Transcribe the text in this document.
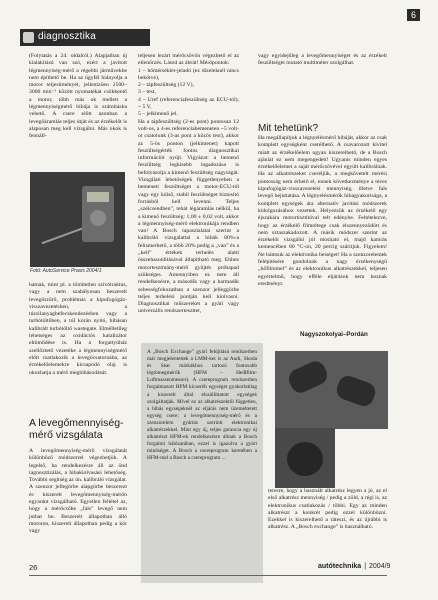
diagnosztika
6

(Folytatás a 24. oldalról.) Alapjaiban új kialakítású van szó, ezért a javított légmennyiség-mérő a régebbi járművekbe nem építhető be. Ha az ügyfél hiányolja a motor teljesítményét, jellemzően 2500–3000 min⁻¹ között nyomatékát csökkentő a motor, több más ok mellett a légmennyiségmérő hibája is számításba vehető. A csere előtt azonban a levegőáramlás teljes útját és az érzékelőt is alaposan meg kell vizsgálni. Más okok is fennáll-

Fotó: AutoService Praxis 2004/1

hatnak, mint pl. a tömítetlen szívótraktus, vagy a nem szabályosan beszerelt levegőszűrő, problémás a kipufogógáz-visszavezetésben, a túzsilanyagbefecskendezésben vagy a turbótöltőben, a túl korán nyitó, hibásan kalibrált turbótöltő wastegate. Elmélletileg lehetséges az oxidációs katalizátor eltömődése is. Ha a forgattyúház szellőztető vezetéke a légmennyiségmérő előtt csatlakozik a levegőcsatornába, az érzékelőelemekre kicsapódó olaj is okozhatja a mérő meghibásodását.

A levegőmennyiség-mérő vizsgálata

A levegőmennyiség-mérő vizsgálatát különböző módszerrel végezhetjük. A legelső, ha rendelkezésre áll az önd iagnosztizálás, a hibakiolvasási lehetőség. További segítség az ún. kalibráló vizsgálat. A szenzor jellegörbe alapgörbe beszerezt és kiszerelt levegőmennyiség-mérőn egyaránt vizsgálható. Egyetlen feltétel az, hogy a mérőcsőbe „fals” levegő nem juthat be. Beszerelt állapotban álló motoron, kiszerelt állapotban pedig a kör vagy

teljesen lezárt mérőcsövön végezhető el az ellenőrzés. Lássd az ábrát! Mérőpontok:

1 – hőmérséklet-jeladó (ez dízeleknél nincs bekötve),

2 – tápfeszültség (12 V),

3 – test,

4 – Uref (referenciafeszültség az ECU-tól), ~ 5 V,

5 – jelkimenő jel.

Ha a tápfeszültség (2-es pont) pontosan 12 volt-os, a 4-es referenciabemeneten ~5 volt-ot csatolunk (3-as pont a közös test), akkor az 5-ös ponton (jelkimenet) kapott feszültségérték fontos diagnosztikai információt nyújt. Vigyázat: a bemenő feszültség legkisebb ingadozása is befolyásolja a kimenő feszültség nagyságát. Vizsgálati lehetőségek függetlenyeben a bemeneti feszültséget a motor-ECU-tól vagy egy külső, stabil feszültséget biztosító forrásból kell levenni. Teljes „szélcsendben”, tehát légáramlás nélkül, ha a kimenő feszültség: 1,00 ± 0,02 volt, akkor a légmennyiség-mérő elektronikája rendben van! A Bosch tapasztalatai szerint a kalibráló vizsgálattal a hibák 80%-a felismerhető, a több 20% pedig a „van” és a „kell” értékek terhelés alatti összehasonlításával állapítható meg. Ehhez motortesztmány-mérő gyűjtés próbapad szükséges. Amennyiben ez nem áll rendelkezésre, a második vagy a harmadik sebességfokozatban a szenzor jelleggörbe teljes terhelési pontján kell kiolvasni. Diagnosztikai műszereket a gyári vagy univerzális rendszertesztter,

vagy egyidejűleg a levegőmennyiséget és az érzékelt feszültséget mutató multiméter szolgálhat.

Mit tehetünk?

Ha megállapítjuk a légnyelésmérő hibáját, akkor az csak komplett egységként cserélhető. A csavarozott kivitel miatt az érzékelőelem ugyan kiszerelhető, de a Bosch ajánlat ez nem megengedett! Ugyanis minden egyes érzékelőelemet a saját mérőcsövével együtt kalibrálnak. Ha az alkatrészeket cseréljük, a megkövetelt mérési pontosság nem érhető el, ennek következménye a téves kipufogógáz-visszavezetési mennyiség, illetve fals levegő bejuttatása. A légnyelésmérők hibagyakorisága, a komplett egységek ára alternatív javítási módszerek kidolgozásához vezettek. Helyezzük az érzékelő egy éjszakára motortisztítóval telt edénybe. Feltételezve, hogy az érzékelő filmrétege csak elszennyeződött és nem sztaszakadozott. A másik módszer szerint az érzékelőt vizsgálni jól mosható el, majd kamrás kemencében 80 °C-on, 20 percig szárítjuk. Figyelem! Ne bántsuk az elektronika beiséget! Ha a szenzorelemek felépítésére gondolunk a nagy érzékenységű „hőfilmmel” és az elektronikus alkatrészekkel, teljesen egyértelmű, hogy efféle eljárások nem hoznak eredményt.

Nagyszokolyai–Pordán

A „Bosch Exchange” gyári felújítású rendszerben már megjelentettek a LMM-ket is az Audi, Skoda és Seat márkákhoz tartozó fontosabb légtömegmérők (HFM – Heißfilm-Luftmassenmesser). A csereprogram rendszerben forgalmazott HFM kicserélt egységet gyakorlatilag a kiszerelt által elszállíttatott egységek szolgáltatják. Mivel ez az alkatrészektől független, a hibás egységeknél az eljárás nem üzemeltetett egység csere; a levegőmennyiség-mérő és a szenzorelem gyártás szerinti elektronikai alkatrészekkel. Mint egy új, teljes garancia egy új alkatrészt HFM-ek rendelkezésre állnak a Bosch forgalmi hálózatában, ezzel is igazolva a gyári minőséget. A Bosch a csereprogram keretében a HFM-mel a Bosch a csereprogram ...

teresre, hogy a használt alkatrész legyen a jó, az el első alkatrész mennyiség / pedig a zöld, a régi is, az elektronikus csatlakozás / többi. Egy az minden alkatrészt a konkrét pedig ezzel különbözni. Ezekkel is kiszerelhető a ráteszi, és az újrábbi is alkatrész. A „Bosch exchange” is használható.

26	autótechnika | 2004/9
